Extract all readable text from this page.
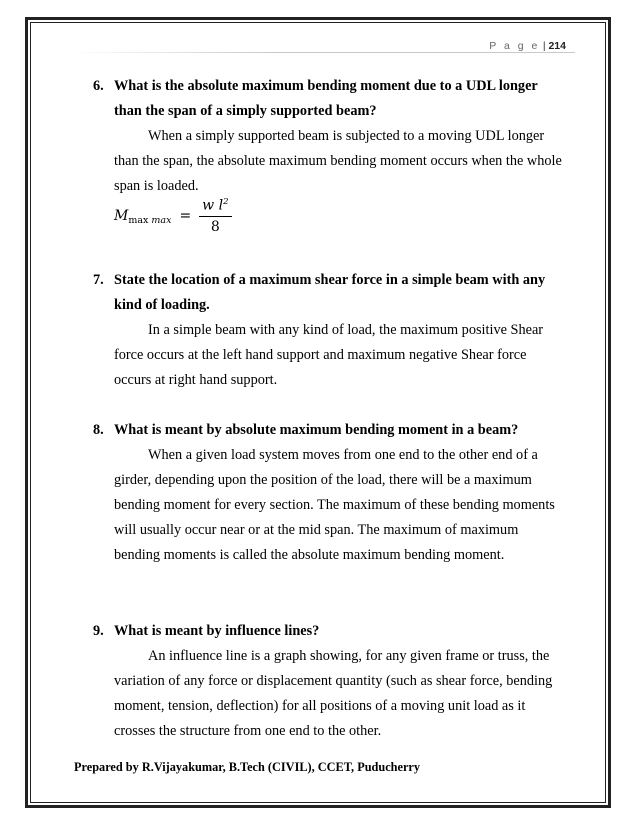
P a g e | 214
6. What is the absolute maximum bending moment due to a UDL longer than the span of a simply supported beam?
When a simply supported beam is subjected to a moving UDL longer than the span, the absolute maximum bending moment occurs when the whole span is loaded.
M $\max \max = \frac{w l^2}{8}$
7. State the location of a maximum shear force in a simple beam with any kind of loading.
In a simple beam with any kind of load, the maximum positive Shear force occurs at the left hand support and maximum negative Shear force occurs at right hand support.
8. What is meant by absolute maximum bending moment in a beam?
When a given load system moves from one end to the other end of a girder, depending upon the position of the load, there will be a maximum bending moment for every section. The maximum of these bending moments will usually occur near or at the mid span. The maximum of maximum bending moments is called the absolute maximum bending moment.
9. What is meant by influence lines?
An influence line is a graph showing, for any given frame or truss, the variation of any force or displacement quantity (such as shear force, bending moment, tension, deflection) for all positions of a moving unit load as it crosses the structure from one end to the other.
Prepared by R.Vijayakumar, B.Tech (CIVIL), CCET, Puducherry
